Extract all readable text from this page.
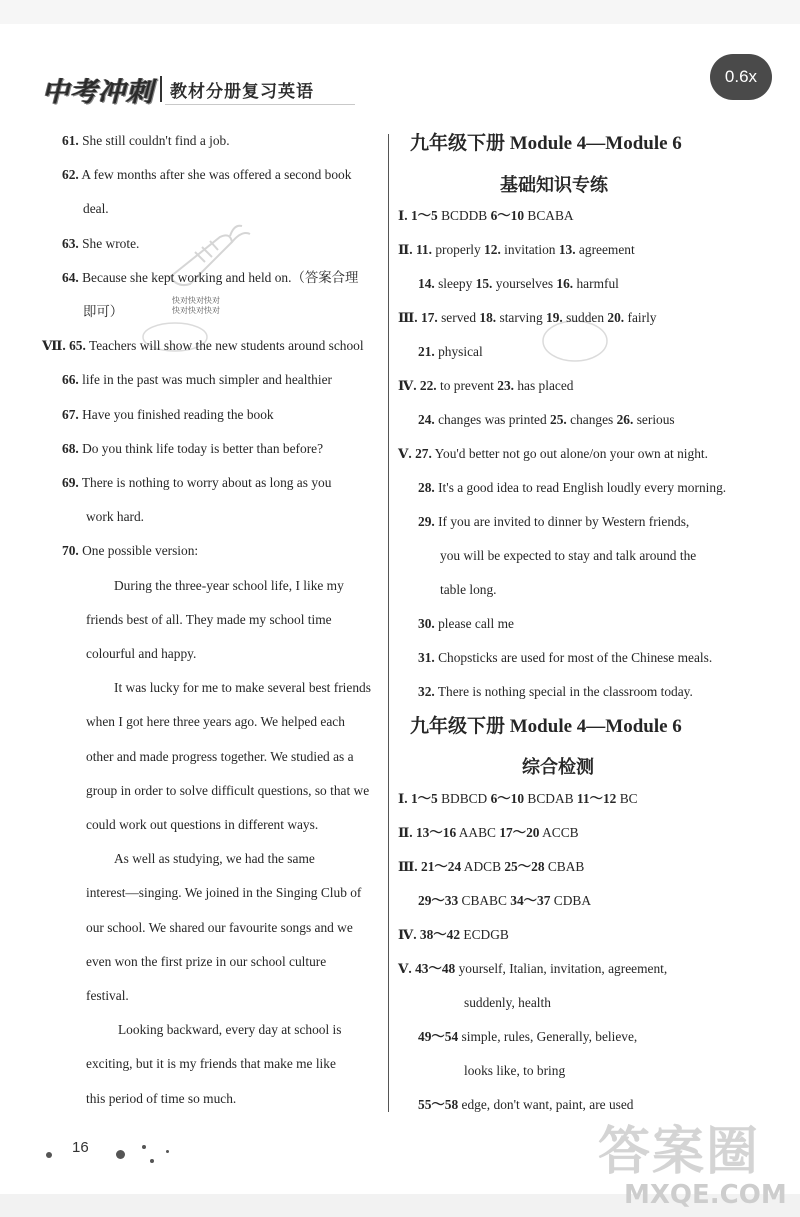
中考冲刺 教材分册复习英语
0.6x
快对快对快对
快对快对快对
61. She still couldn't find a job.
62. A few months after she was offered a second book
deal.
63. She wrote.
64. Because she kept working and held on.（答案合理
即可）
Ⅶ. 65. Teachers will show the new students around school
66. life in the past was much simpler and healthier
67. Have you finished reading the book
68. Do you think life today is better than before?
69. There is nothing to worry about as long as you
work hard.
70. One possible version:
During the three-year school life, I like my
friends best of all. They made my school time
colourful and happy.
It was lucky for me to make several best friends
when I got here three years ago. We helped each
other and made progress together. We studied as a
group in order to solve difficult questions, so that we
could work out questions in different ways.
As well as studying, we had the same
interest—singing. We joined in the Singing Club of
our school. We shared our favourite songs and we
even won the first prize in our school culture
festival.
Looking backward, every day at school is
exciting, but it is my friends that make me like
this period of time so much.
九年级下册 Module 4—Module 6
基础知识专练
Ⅰ. 1～5 BCDDB 6～10 BCABA
Ⅱ. 11. properly 12. invitation 13. agreement
14. sleepy 15. yourselves 16. harmful
Ⅲ. 17. served 18. starving 19. sudden 20. fairly
21. physical
Ⅳ. 22. to prevent 23. has placed
24. changes was printed 25. changes 26. serious
Ⅴ. 27. You'd better not go out alone/on your own at night.
28. It's a good idea to read English loudly every morning.
29. If you are invited to dinner by Western friends,
you will be expected to stay and talk around the
table long.
30. please call me
31. Chopsticks are used for most of the Chinese meals.
32. There is nothing special in the classroom today.
九年级下册 Module 4—Module 6
综合检测
Ⅰ. 1～5 BDBCD 6～10 BCDAB 11～12 BC
Ⅱ. 13～16 AABC 17～20 ACCB
Ⅲ. 21～24 ADCB 25～28 CBAB
29～33 CBABC 34～37 CDBA
Ⅳ. 38～42 ECDGB
Ⅴ. 43～48 yourself, Italian, invitation, agreement,
suddenly, health
49～54 simple, rules, Generally, believe,
looks like, to bring
55～58 edge, don't want, paint, are used
16	答案圈
MXQE.COM
